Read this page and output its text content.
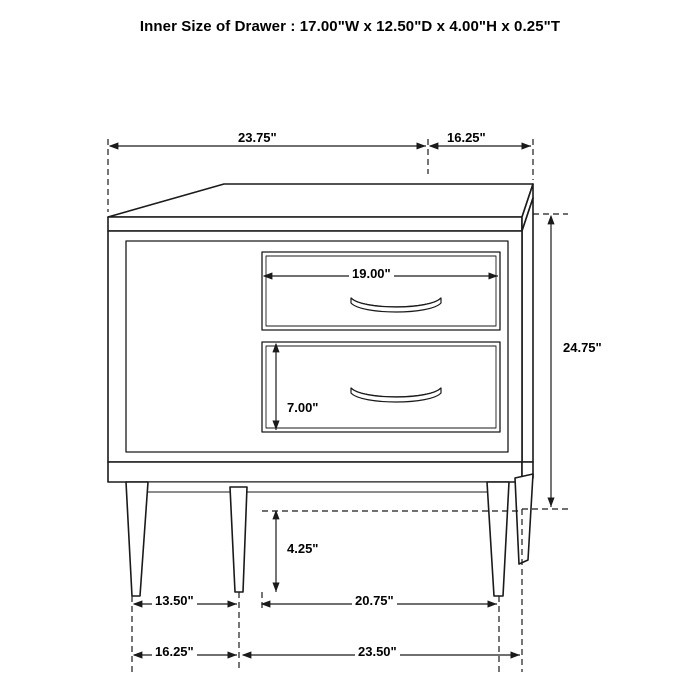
Inner Size of Drawer : 17.00"W x 12.50"D x 4.00"H x 0.25"T
23.75"	16.25"
19.00"
24.75"
7.00"
4.25"
13.50"	20.75"
16.25"	23.50"
